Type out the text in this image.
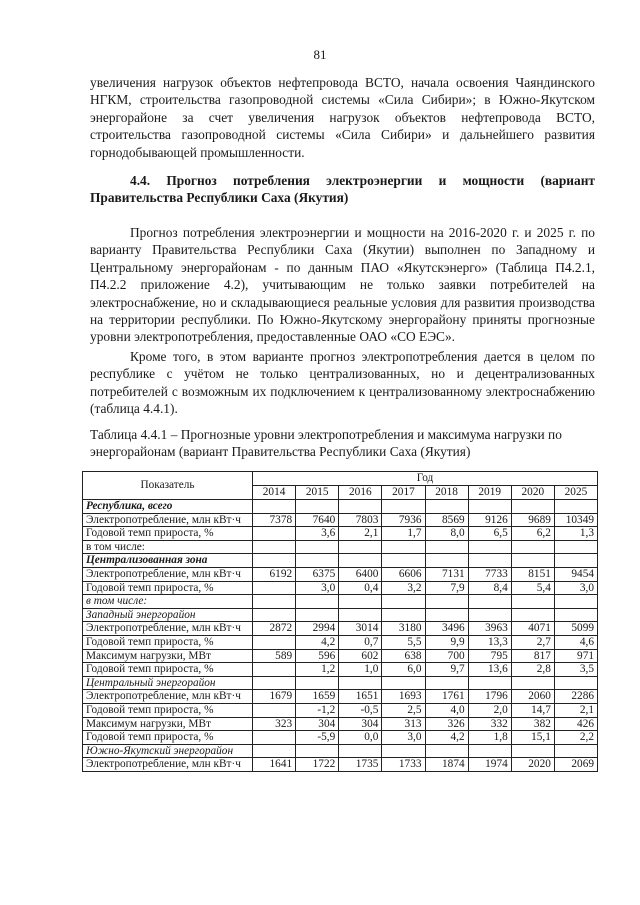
81

увеличения нагрузок объектов нефтепровода ВСТО, начала освоения Чаяндинского НГКМ, строительства газопроводной системы «Сила Сибири»; в Южно-Якутском энергорайоне за счет увеличения нагрузок объектов нефтепровода ВСТО, строительства газопроводной системы «Сила Сибири» и дальнейшего развития горнодобывающей промышленности.

4.4. Прогноз потребления электроэнергии и мощности (вариант Правительства Республики Саха (Якутия)

Прогноз потребления электроэнергии и мощности на 2016-2020 г. и 2025 г. по варианту Правительства Республики Саха (Якутии) выполнен по Западному и Центральному энергорайонам - по данным ПАО «Якутскэнерго» (Таблица П4.2.1, П4.2.2 приложение 4.2), учитывающим не только заявки потребителей на электроснабжение, но и складывающиеся реальные условия для развития производства на территории республики. По Южно-Якутскому энергорайону приняты прогнозные уровни электропотребления, предоставленные ОАО «СО ЕЭС».

Кроме того, в этом варианте прогноз электропотребления дается в целом по республике с учётом не только централизованных, но и децентрализованных потребителей с возможным их подключением к централизованному электроснабжению (таблица 4.4.1).

Таблица 4.4.1 – Прогнозные уровни электропотребления и максимума нагрузки по энергорайонам (вариант Правительства Республики Саха (Якутия)

Показатель	Год							
	2014	2015	2016	2017	2018	2019	2020	2025
Республика, всего								
Электропотребление, млн кВт·ч	7378	7640	7803	7936	8569	9126	9689	10349
Годовой темп прироста, %		3,6	2,1	1,7	8,0	6,5	6,2	1,3
в том числе:								
Централизованная зона								
Электропотребление, млн кВт·ч	6192	6375	6400	6606	7131	7733	8151	9454
Годовой темп прироста, %		3,0	0,4	3,2	7,9	8,4	5,4	3,0
в том числе:								
Западный энергорайон								
Электропотребление, млн кВт·ч	2872	2994	3014	3180	3496	3963	4071	5099
Годовой темп прироста, %		4,2	0,7	5,5	9,9	13,3	2,7	4,6
Максимум нагрузки, МВт	589	596	602	638	700	795	817	971
Годовой темп прироста, %		1,2	1,0	6,0	9,7	13,6	2,8	3,5
Центральный энергорайон								
Электропотребление, млн кВт·ч	1679	1659	1651	1693	1761	1796	2060	2286
Годовой темп прироста, %		-1,2	-0,5	2,5	4,0	2,0	14,7	2,1
Максимум нагрузки, МВт	323	304	304	313	326	332	382	426
Годовой темп прироста, %		-5,9	0,0	3,0	4,2	1,8	15,1	2,2
Южно-Якутский энергорайон								
Электропотребление, млн кВт·ч	1641	1722	1735	1733	1874	1974	2020	2069
